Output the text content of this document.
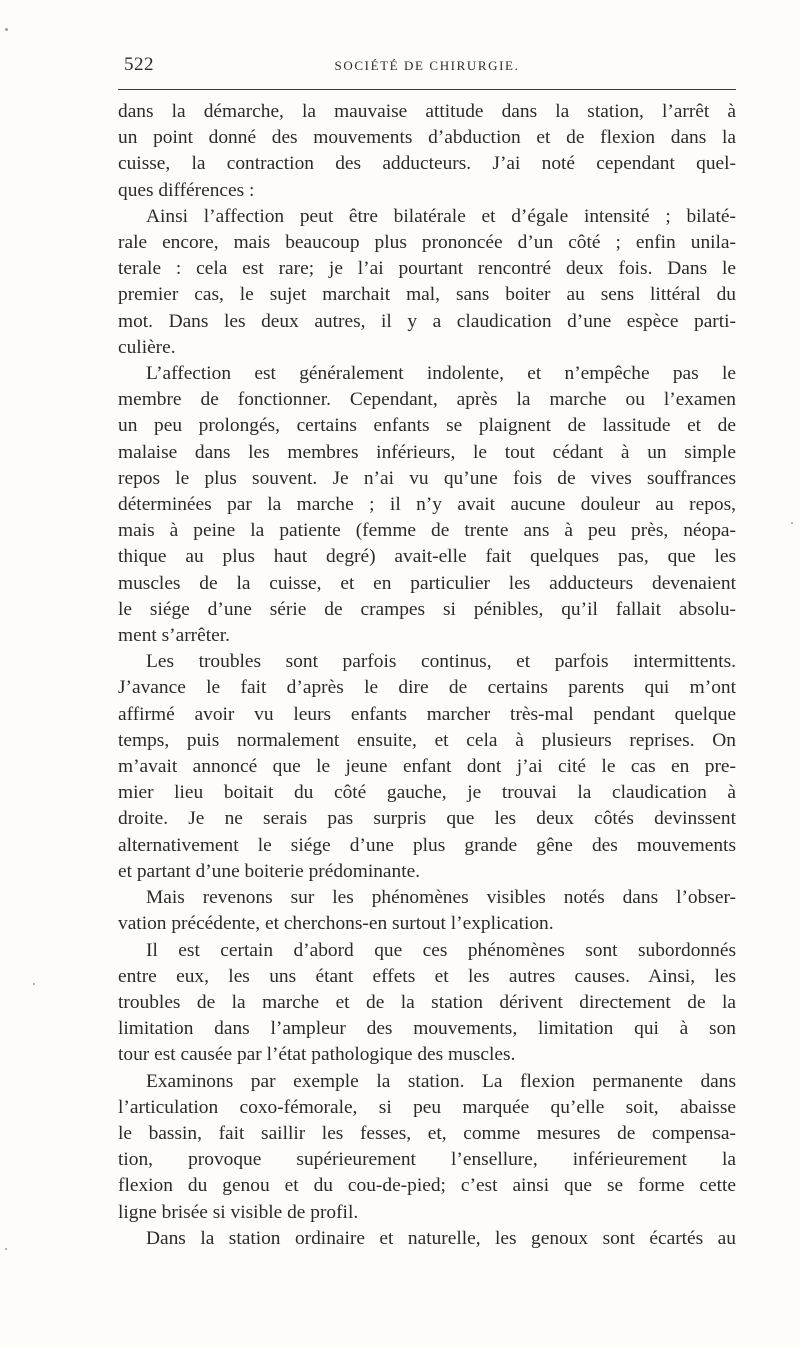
522	SOCIÉTÉ DE CHIRURGIE.
dans la démarche, la mauvaise attitude dans la station, l’arrêt à
un point donné des mouvements d’abduction et de flexion dans la
cuisse, la contraction des adducteurs. J’ai noté cependant quel-
ques différences :
Ainsi l’affection peut être bilatérale et d’égale intensité ; bilaté-
rale encore, mais beaucoup plus prononcée d’un côté ; enfin unila-
terale : cela est rare; je l’ai pourtant rencontré deux fois. Dans le
premier cas, le sujet marchait mal, sans boiter au sens littéral du
mot. Dans les deux autres, il y a claudication d’une espèce parti-
culière.
L’affection est généralement indolente, et n’empêche pas le
membre de fonctionner. Cependant, après la marche ou l’examen
un peu prolongés, certains enfants se plaignent de lassitude et de
malaise dans les membres inférieurs, le tout cédant à un simple
repos le plus souvent. Je n’ai vu qu’une fois de vives souffrances
déterminées par la marche ; il n’y avait aucune douleur au repos,
mais à peine la patiente (femme de trente ans à peu près, néopa-
thique au plus haut degré) avait-elle fait quelques pas, que les
muscles de la cuisse, et en particulier les adducteurs devenaient
le siége d’une série de crampes si pénibles, qu’il fallait absolu-
ment s’arrêter.
Les troubles sont parfois continus, et parfois intermittents.
J’avance le fait d’après le dire de certains parents qui m’ont
affirmé avoir vu leurs enfants marcher très-mal pendant quelque
temps, puis normalement ensuite, et cela à plusieurs reprises. On
m’avait annoncé que le jeune enfant dont j’ai cité le cas en pre-
mier lieu boitait du côté gauche, je trouvai la claudication à
droite. Je ne serais pas surpris que les deux côtés devinssent
alternativement le siége d’une plus grande gêne des mouvements
et partant d’une boiterie prédominante.
Mais revenons sur les phénomènes visibles notés dans l’obser-
vation précédente, et cherchons-en surtout l’explication.
Il est certain d’abord que ces phénomènes sont subordonnés
entre eux, les uns étant effets et les autres causes. Ainsi, les
troubles de la marche et de la station dérivent directement de la
limitation dans l’ampleur des mouvements, limitation qui à son
tour est causée par l’état pathologique des muscles.
Examinons par exemple la station. La flexion permanente dans
l’articulation coxo-fémorale, si peu marquée qu’elle soit, abaisse
le bassin, fait saillir les fesses, et, comme mesures de compensa-
tion, provoque supérieurement l’ensellure, inférieurement la
flexion du genou et du cou-de-pied; c’est ainsi que se forme cette
ligne brisée si visible de profil.
Dans la station ordinaire et naturelle, les genoux sont écartés au
